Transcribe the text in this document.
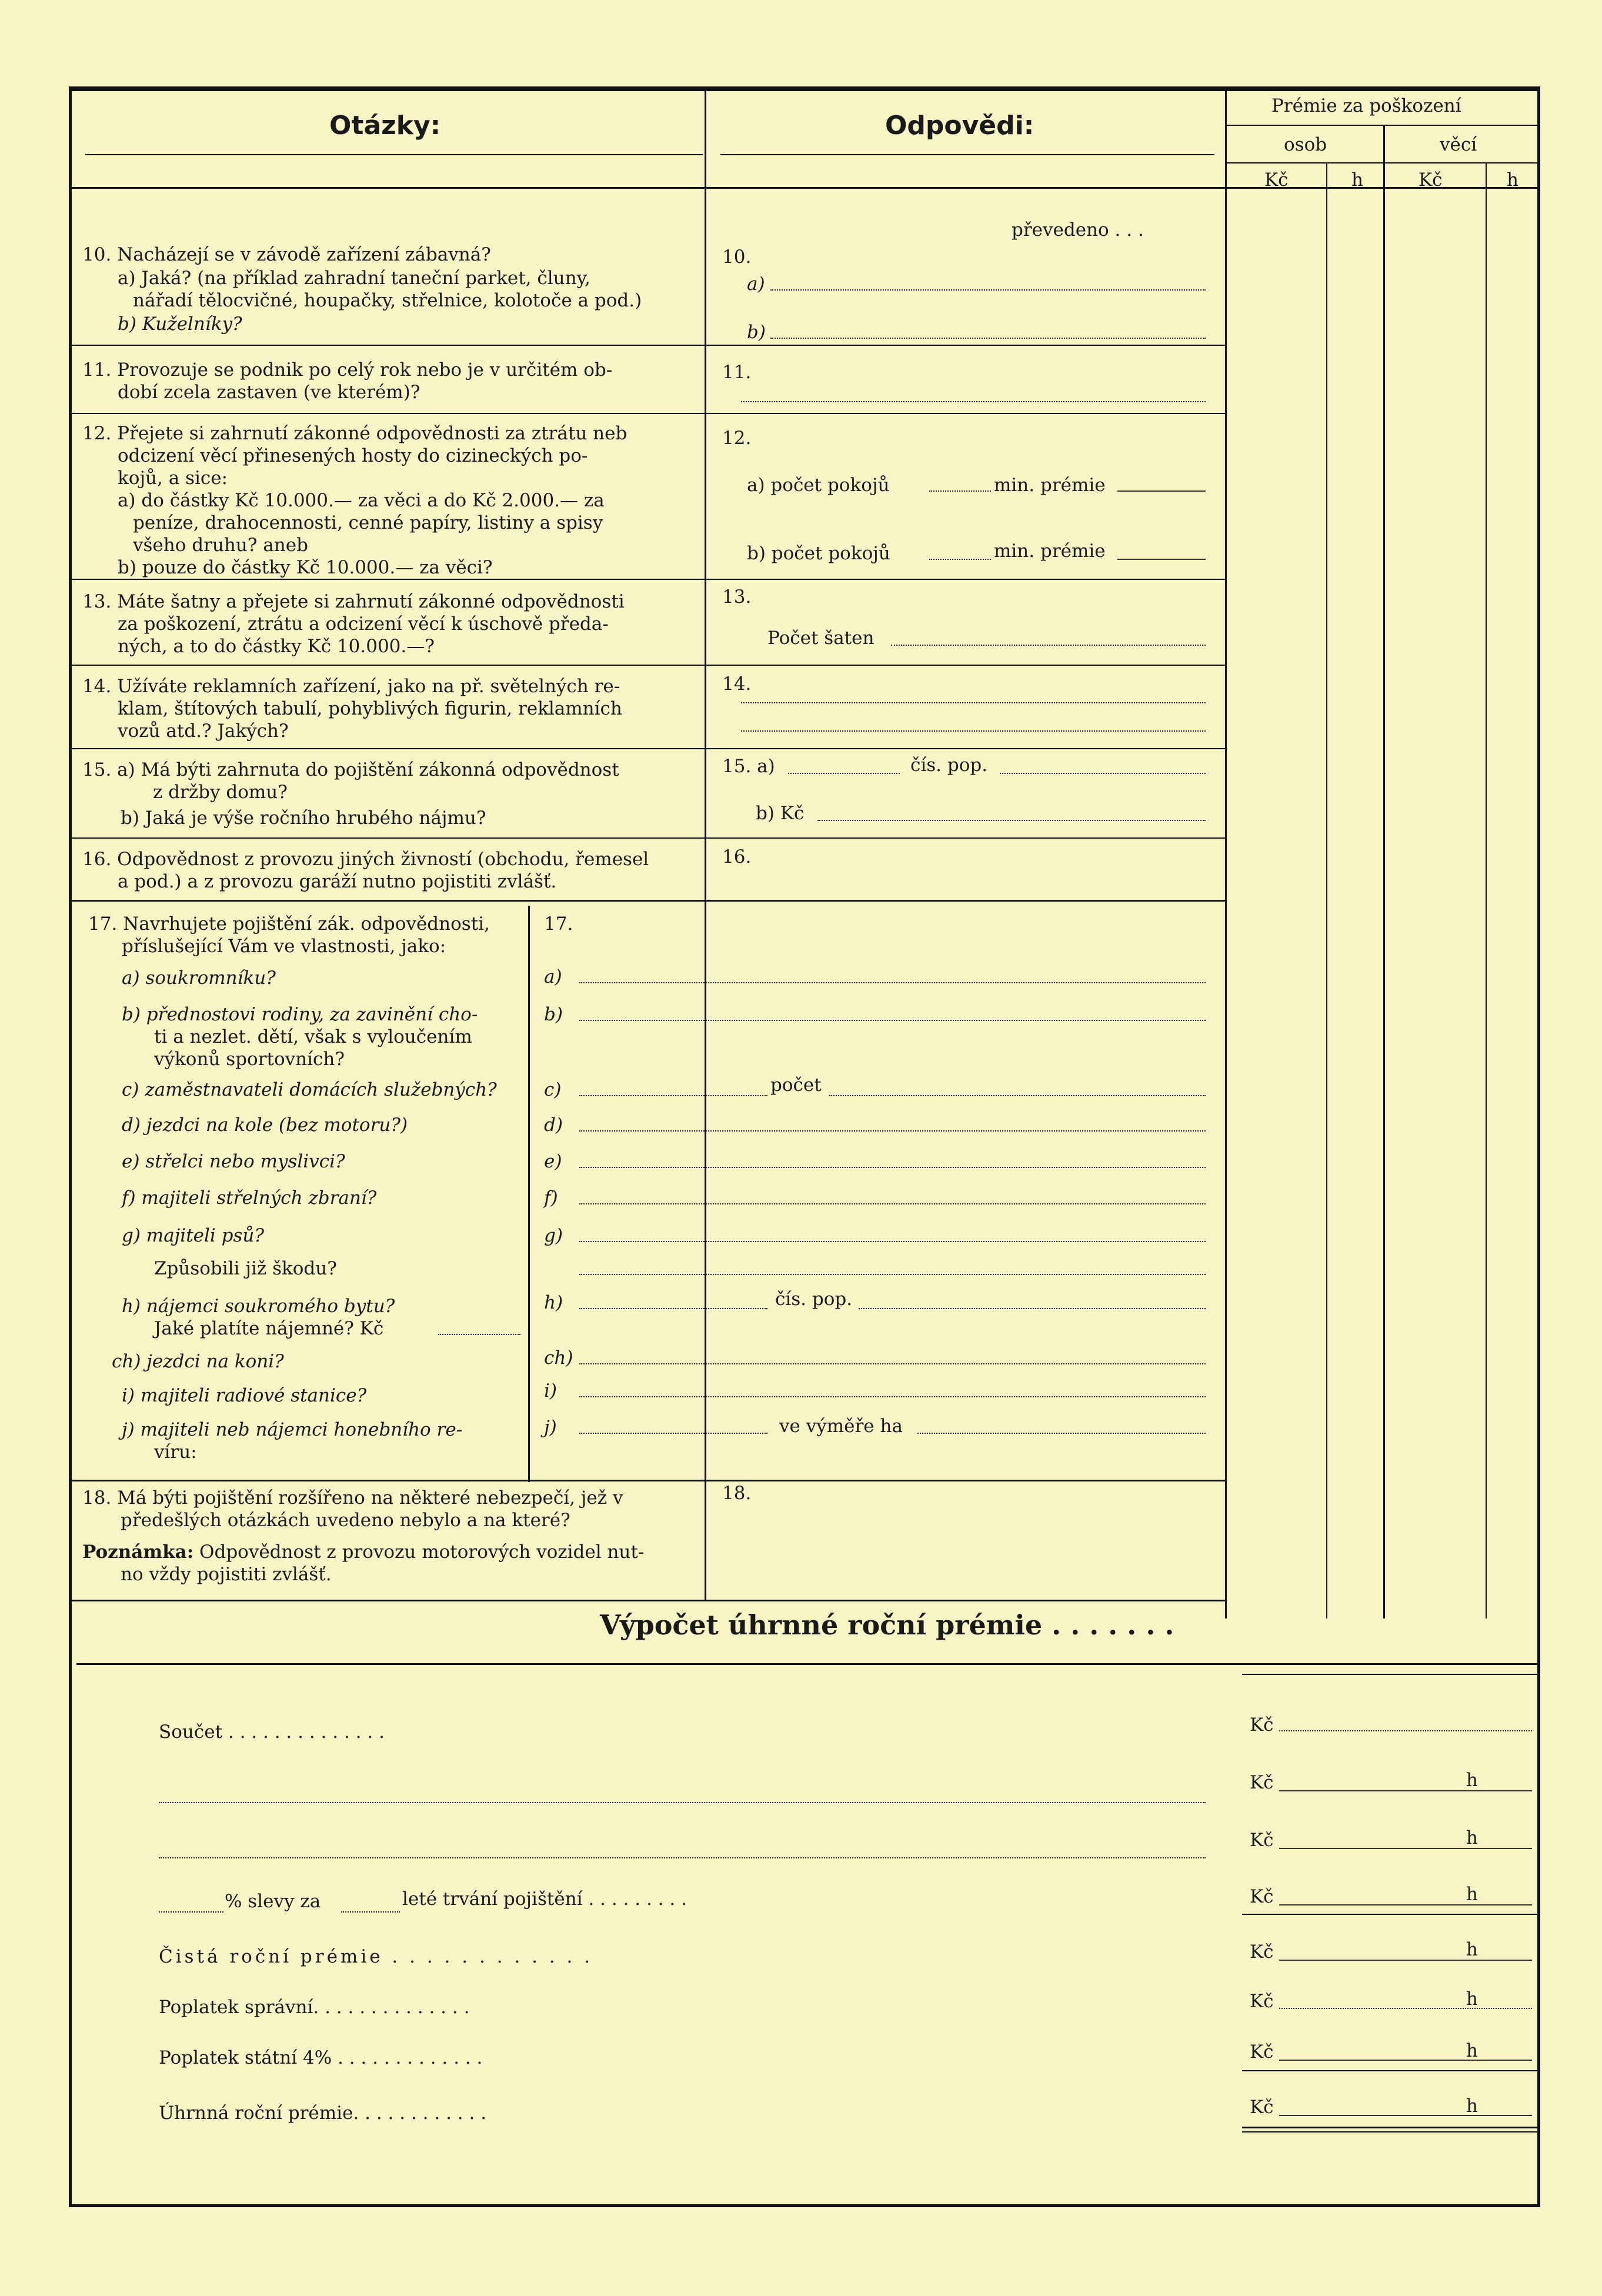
Otázky:	Odpovědi:
Prémie za poškození
osob	věcí
Kč	h	Kč	h
převedeno . . .
10. Nacházejí se v závodě zařízení zábavná?
a) Jaká? (na příklad zahradní taneční parket, čluny,
nářadí tělocvičné, houpačky, střelnice, kolotoče a pod.)
b) Kuželníky?
10.
a)
b)
11. Provozuje se podnik po celý rok nebo je v určitém ob-
dobí zcela zastaven (ve kterém)?
11.
12. Přejete si zahrnutí zákonné odpovědnosti za ztrátu neb
odcizení věcí přinesených hosty do cizineckých po-
kojů, a sice:
a) do částky Kč 10.000.— za věci a do Kč 2.000.— za
peníze, drahocennosti, cenné papíry, listiny a spisy
všeho druhu? aneb
b) pouze do částky Kč 10.000.— za věci?
12.
a) počet pokojů	min. prémie
b) počet pokojů	min. prémie
13. Máte šatny a přejete si zahrnutí zákonné odpovědnosti
za poškození, ztrátu a odcizení věcí k úschově předa-
ných, a to do částky Kč 10.000.—?
13.
Počet šaten
14. Užíváte reklamních zařízení, jako na př. světelných re-
klam, štítových tabulí, pohyblivých figurin, reklamních
vozů atd.? Jakých?
14.
15. a) Má býti zahrnuta do pojištění zákonná odpovědnost
z držby domu?
b) Jaká je výše ročního hrubého nájmu?
15. a)	čís. pop.
b) Kč
16. Odpovědnost z provozu jiných živností (obchodu, řemesel
a pod.) a z provozu garáží nutno pojistiti zvlášť.
16.
17. Navrhujete pojištění zák. odpovědnosti,
příslušející Vám ve vlastnosti, jako:
a) soukromníku?
b) přednostovi rodiny, za zavinění cho-
ti a nezlet. dětí, však s vyloučením
výkonů sportovních?
c) zaměstnavateli domácích služebných?
d) jezdci na kole (bez motoru?)
e) střelci nebo myslivci?
f) majiteli střelných zbraní?
g) majiteli psů?
Způsobili již škodu?
h) nájemci soukromého bytu?
Jaké platíte nájemné? Kč
ch) jezdci na koni?
i) majiteli radiové stanice?
j) majiteli neb nájemci honebního re-
víru:
17.
a)
b)
c)	počet
d)
e)
f)
g)
h)	čís. pop.
ch)
i)
j)	ve výměře ha
18. Má býti pojištění rozšířeno na některé nebezpečí, jež v
předešlých otázkách uvedeno nebylo a na které?
Poznámka: Odpovědnost z provozu motorových vozidel nut-
no vždy pojistiti zvlášť.
18.
Výpočet úhrnné roční prémie . . . . . . .
Součet . . . . . . . . . . . . . .	Kč
Kč	h
Kč	h
% slevy za	leté trvání pojištění . . . . . . . . .	Kč	h
Čistá roční prémie . . . . . . . . . . . .	Kč	h
Poplatek správní. . . . . . . . . . . . . .	Kč	h
Poplatek státní 4% . . . . . . . . . . . . .	Kč	h
Úhrnná roční prémie. . . . . . . . . . . .	Kč	h
